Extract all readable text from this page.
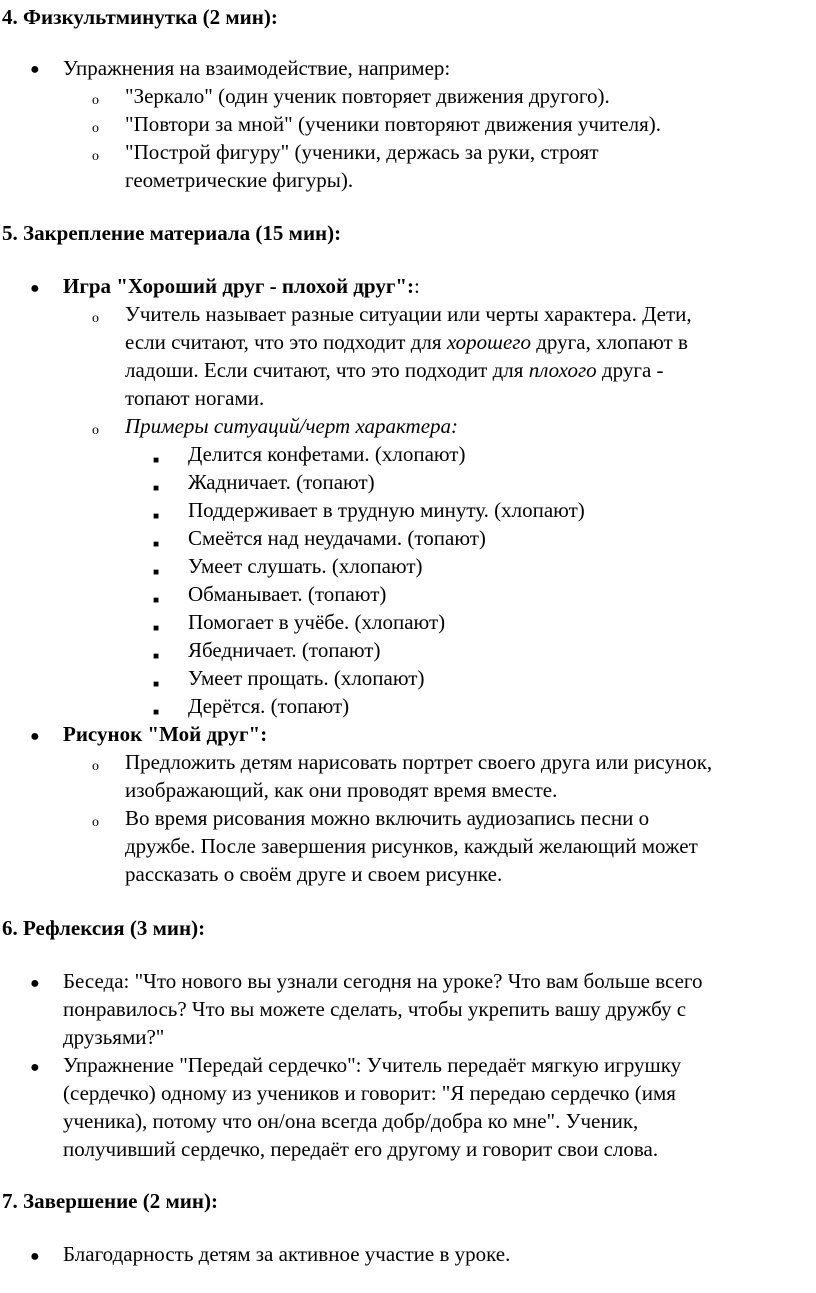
4. Физкультминутка (2 мин):
● Упражнения на взаимодействие, например:
o "Зеркало" (один ученик повторяет движения другого).
o "Повтори за мной" (ученики повторяют движения учителя).
o "Построй фигуру" (ученики, держась за руки, строят
геометрические фигуры).
5. Закрепление материала (15 мин):
● Игра "Хороший друг - плохой друг"::
o Учитель называет разные ситуации или черты характера. Дети,
если считают, что это подходит для хорошего друга, хлопают в
ладоши. Если считают, что это подходит для плохого друга -
топают ногами.
o Примеры ситуаций/черт характера:
■ Делится конфетами. (хлопают)
■ Жадничает. (топают)
■ Поддерживает в трудную минуту. (хлопают)
■ Смеётся над неудачами. (топают)
■ Умеет слушать. (хлопают)
■ Обманывает. (топают)
■ Помогает в учёбе. (хлопают)
■ Ябедничает. (топают)
■ Умеет прощать. (хлопают)
■ Дерётся. (топают)
● Рисунок "Мой друг":
o Предложить детям нарисовать портрет своего друга или рисунок,
изображающий, как они проводят время вместе.
o Во время рисования можно включить аудиозапись песни о
дружбе. После завершения рисунков, каждый желающий может
рассказать о своём друге и своем рисунке.
6. Рефлексия (3 мин):
● Беседа: "Что нового вы узнали сегодня на уроке? Что вам больше всего
понравилось? Что вы можете сделать, чтобы укрепить вашу дружбу с
друзьями?"
● Упражнение "Передай сердечко": Учитель передаёт мягкую игрушку
(сердечко) одному из учеников и говорит: "Я передаю сердечко (имя
ученика), потому что он/она всегда добр/добра ко мне". Ученик,
получивший сердечко, передаёт его другому и говорит свои слова.
7. Завершение (2 мин):
● Благодарность детям за активное участие в уроке.
